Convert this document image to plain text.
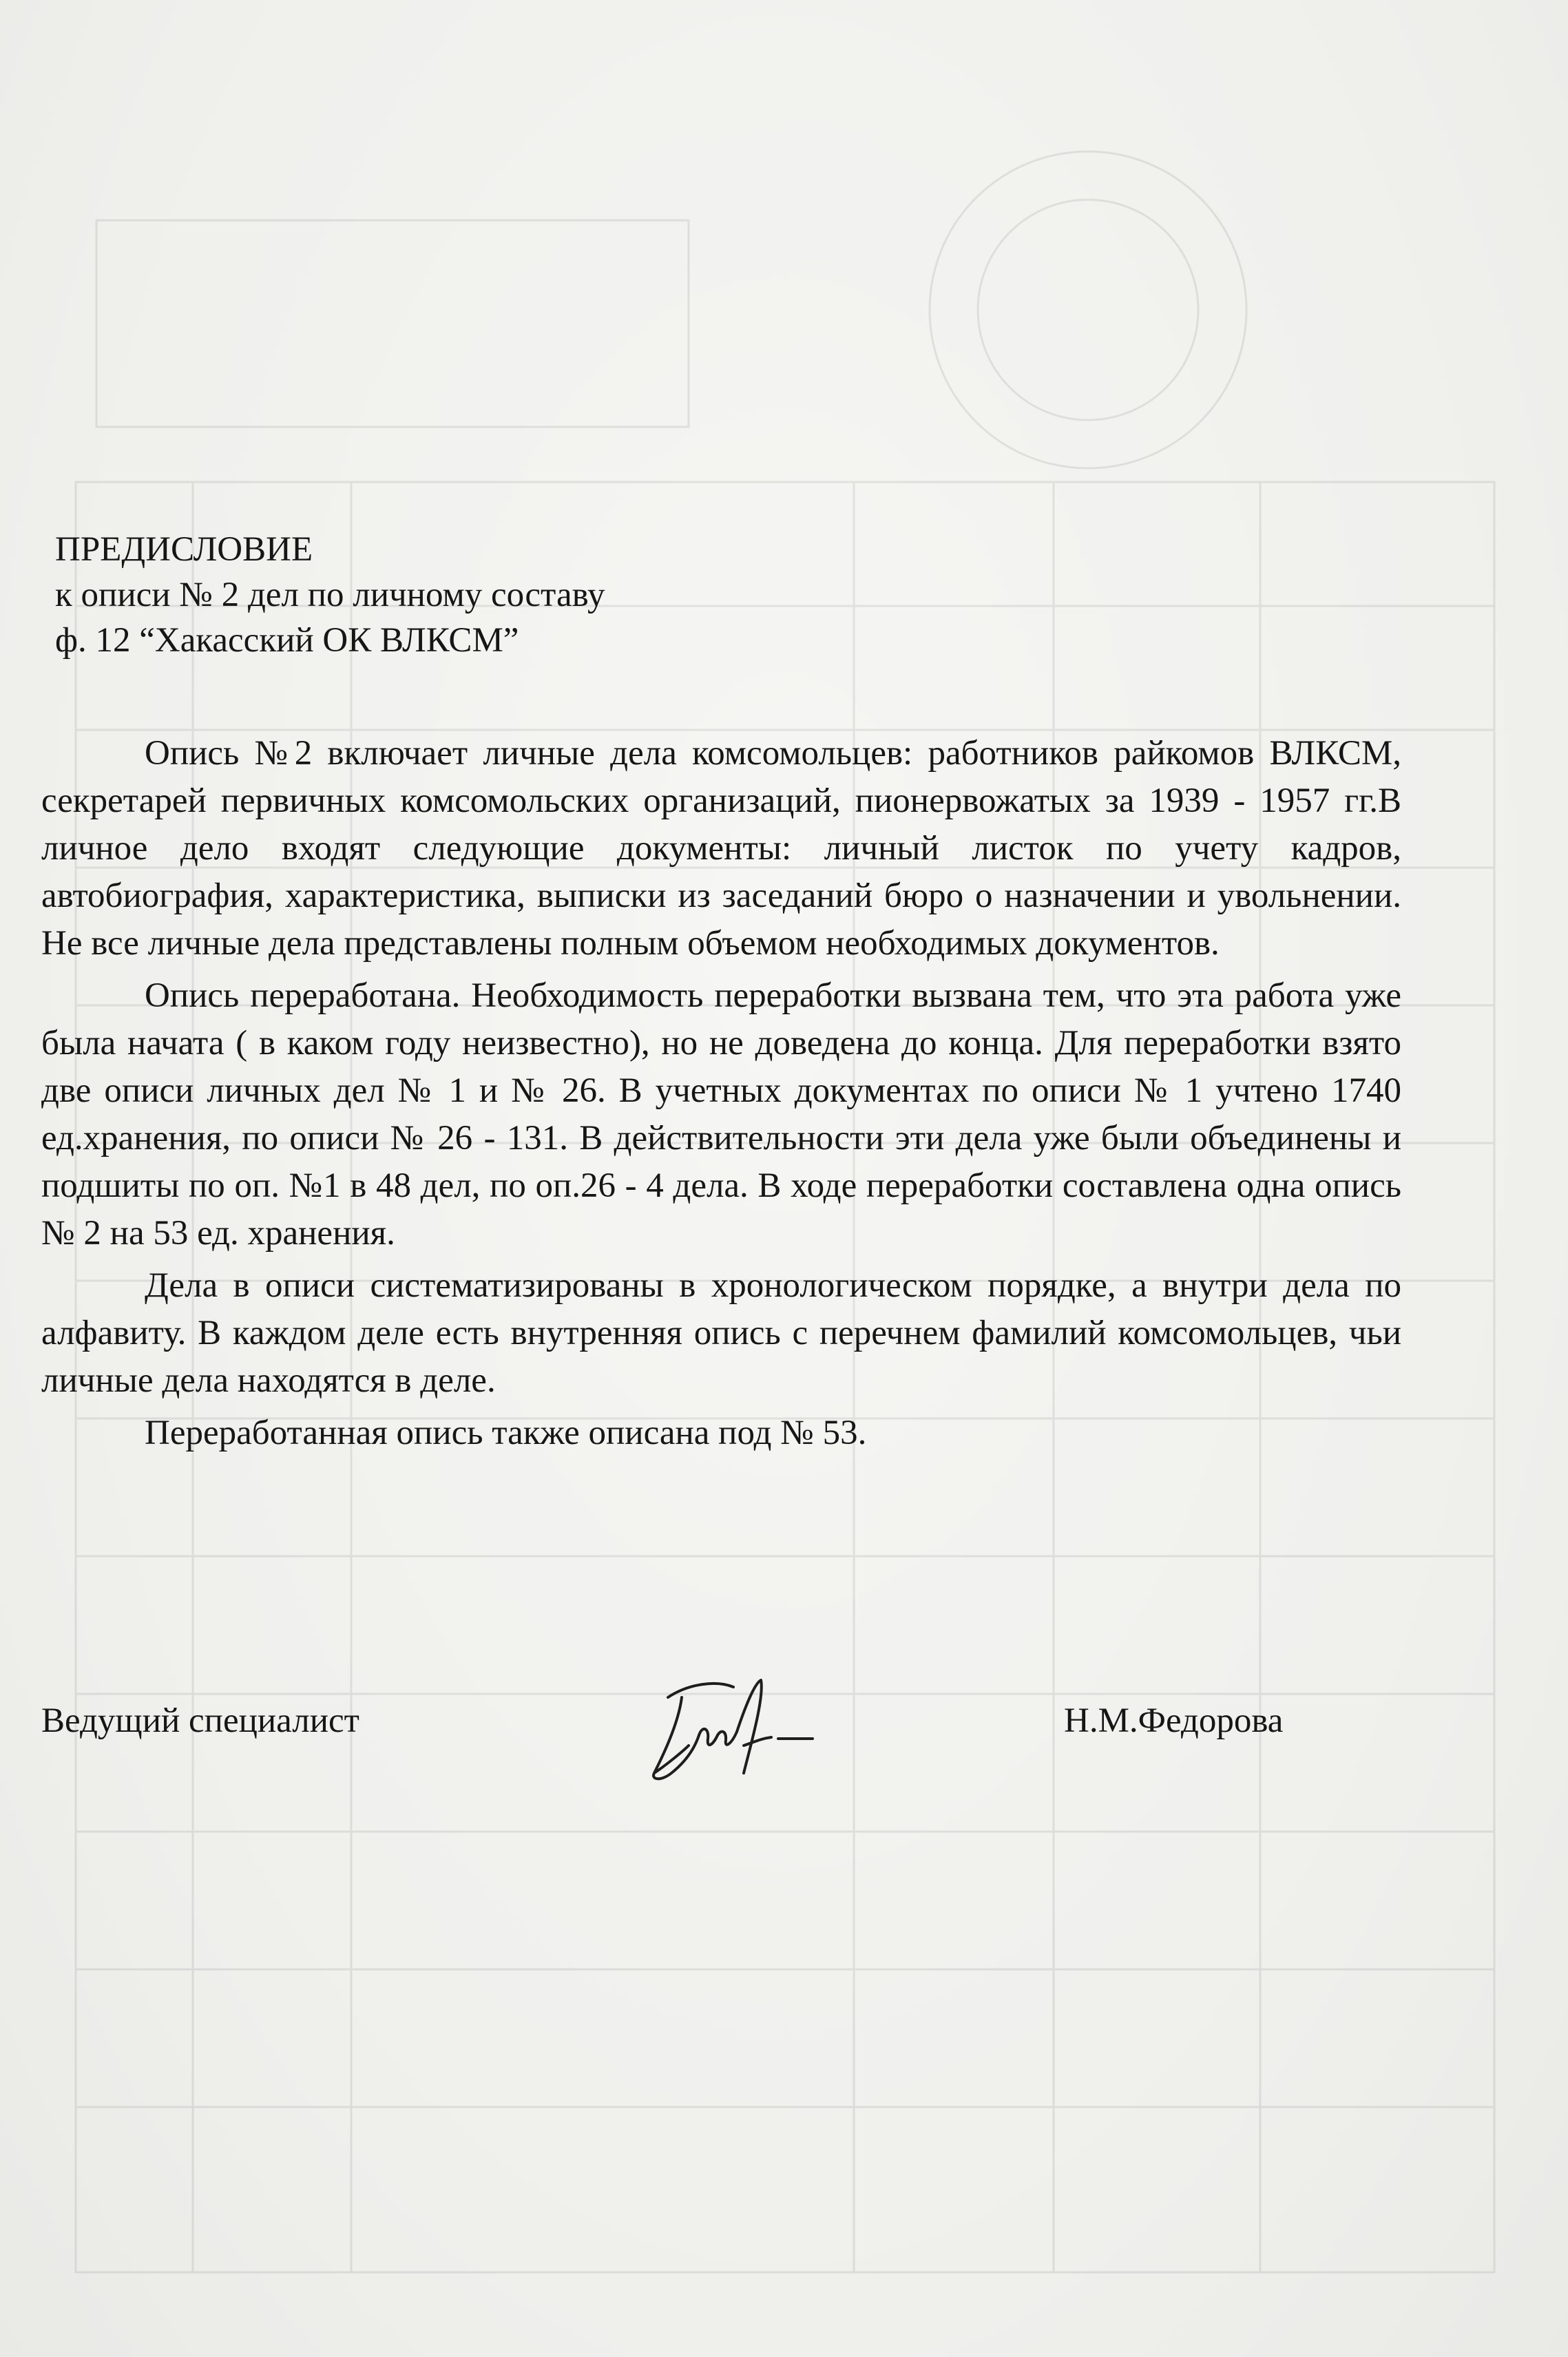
ПРЕДИСЛОВИЕ
к описи № 2 дел по личному составу
ф. 12 “Хакасский ОК ВЛКСМ”

Опись №2 включает личные дела комсомольцев: работников райкомов ВЛКСМ, секретарей первичных комсомольских организаций, пионервожатых за 1939 - 1957 гг.В личное дело входят следующие документы: личный листок по учету кадров, автобиография, характеристика, выписки из заседаний бюро о назначении и увольнении. Не все личные дела представлены полным объемом необходимых документов.

Опись переработана. Необходимость переработки вызвана тем, что эта работа уже была начата ( в каком году неизвестно), но не доведена до конца. Для переработки взято две описи личных дел № 1 и № 26. В учетных документах по описи № 1 учтено 1740 ед.хранения, по описи № 26 - 131. В действительности эти дела уже были объединены и подшиты по оп. №1 в 48 дел, по оп.26 - 4 дела. В ходе переработки составлена одна опись № 2 на 53 ед. хранения.

Дела в описи систематизированы в хронологическом порядке, а внутри дела по алфавиту. В каждом деле есть внутренняя опись с перечнем фамилий комсомольцев, чьи личные дела находятся в деле.

Переработанная опись также описана под № 53.

Ведущий специалист	Н.М.Федорова
